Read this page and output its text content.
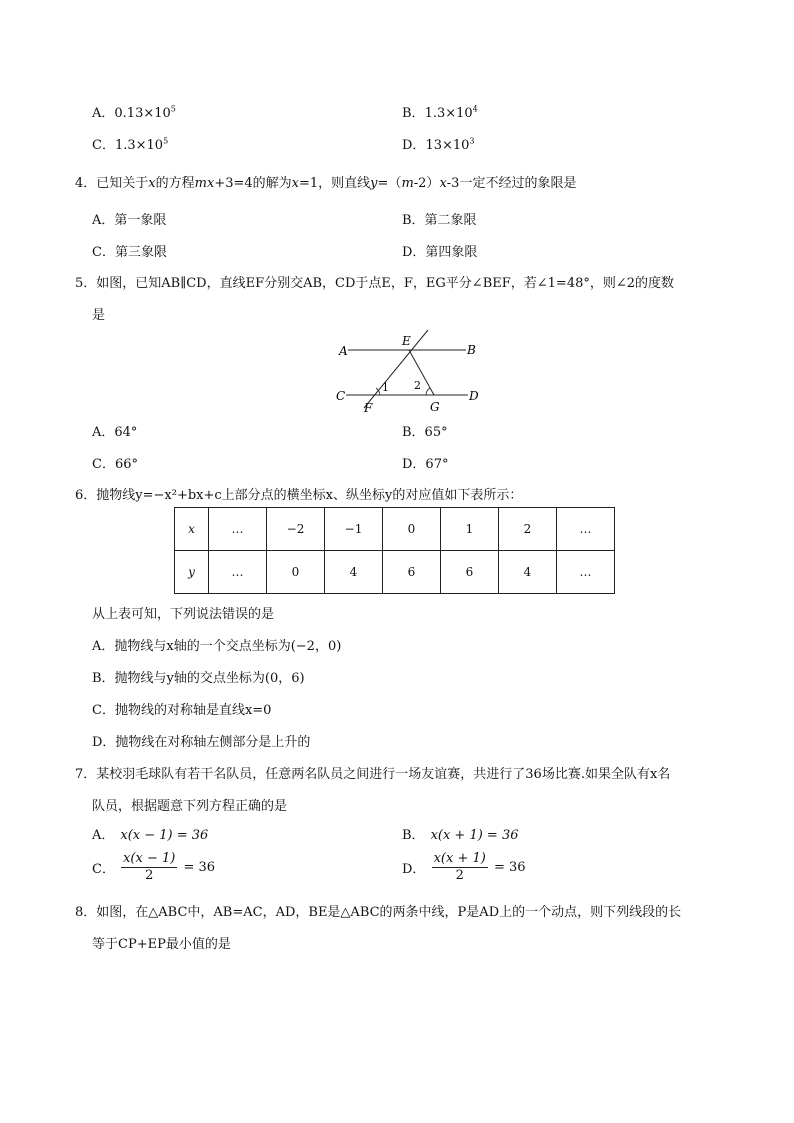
A．$0.13\times 10^5$	B．$1.3\times 10^4$
C．$1.3\times 10^5$	D．$13\times 10^3$
4．已知关于x的方程mx+3=4的解为x=1，则直线y=（m-2）x-3一定不经过的象限是
A．第一象限	B．第二象限
C．第三象限	D．第四象限
5．如图，已知AB∥CD，直线EF分别交AB，CD于点E，F，EG平分∠BEF，若∠1=48°，则∠2的度数
是
A	B
C	D
E
F	G
1 2
A．64°	B．65°
C．66°	D．67°
6．抛物线y=−x²+bx+c上部分点的横坐标x、纵坐标y的对应值如下表所示：
x	…	−2	−1	0	1	2	…
y	…	0	4	6	6	4	…
从上表可知，下列说法错误的是
A．抛物线与x轴的一个交点坐标为(−2，0)
B．抛物线与y轴的交点坐标为(0，6)
C．抛物线的对称轴是直线x=0
D．抛物线在对称轴左侧部分是上升的
7．某校羽毛球队有若干名队员，任意两名队员之间进行一场友谊赛，共进行了36场比赛.如果全队有x名
队员，根据题意下列方程正确的是
A． x(x − 1) = 36	B． x(x + 1) = 36
C． $\frac{x(x - 1)}{2} = 36$	D． $\frac{x(x + 1)}{2} = 36$
8．如图，在△ABC中，AB=AC，AD，BE是△ABC的两条中线，P是AD上的一个动点，则下列线段的长
等于CP+EP最小值的是
